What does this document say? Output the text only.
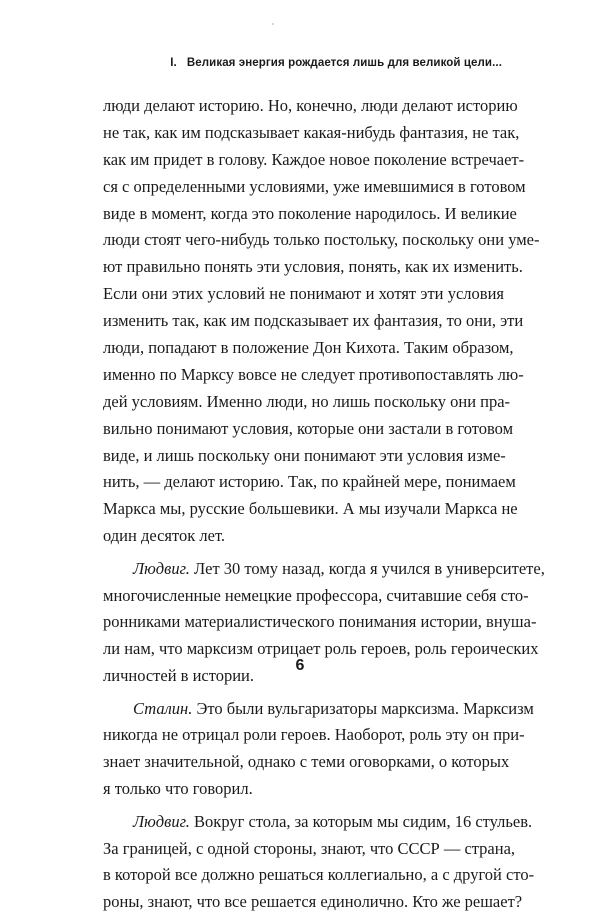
I. Великая энергия рождается лишь для великой цели...
люди делают историю. Но, конечно, люди делают историю
не так, как им подсказывает какая-нибудь фантазия, не так,
как им придет в голову. Каждое новое поколение встречает-
ся с определенными условиями, уже имевшимися в готовом
виде в момент, когда это поколение народилось. И великие
люди стоят чего-нибудь только постольку, поскольку они уме-
ют правильно понять эти условия, понять, как их изменить.
Если они этих условий не понимают и хотят эти условия
изменить так, как им подсказывает их фантазия, то они, эти
люди, попадают в положение Дон Кихота. Таким образом,
именно по Марксу вовсе не следует противопоставлять лю-
дей условиям. Именно люди, но лишь поскольку они пра-
вильно понимают условия, которые они застали в готовом
виде, и лишь поскольку они понимают эти условия изме-
нить, — делают историю. Так, по крайней мере, понимаем
Маркса мы, русские большевики. А мы изучали Маркса не
один десяток лет.
Людвиг. Лет 30 тому назад, когда я учился в университете,
многочисленные немецкие профессора, считавшие себя сто-
ронниками материалистического понимания истории, внуша-
ли нам, что марксизм отрицает роль героев, роль героических
личностей в истории.
Сталин. Это были вульгаризаторы марксизма. Марксизм
никогда не отрицал роли героев. Наоборот, роль эту он при-
знает значительной, однако с теми оговорками, о которых
я только что говорил.
Людвиг. Вокруг стола, за которым мы сидим, 16 стульев.
За границей, с одной стороны, знают, что СССР — страна,
в которой все должно решаться коллегиально, а с другой сто-
роны, знают, что все решается единолично. Кто же решает?
6
